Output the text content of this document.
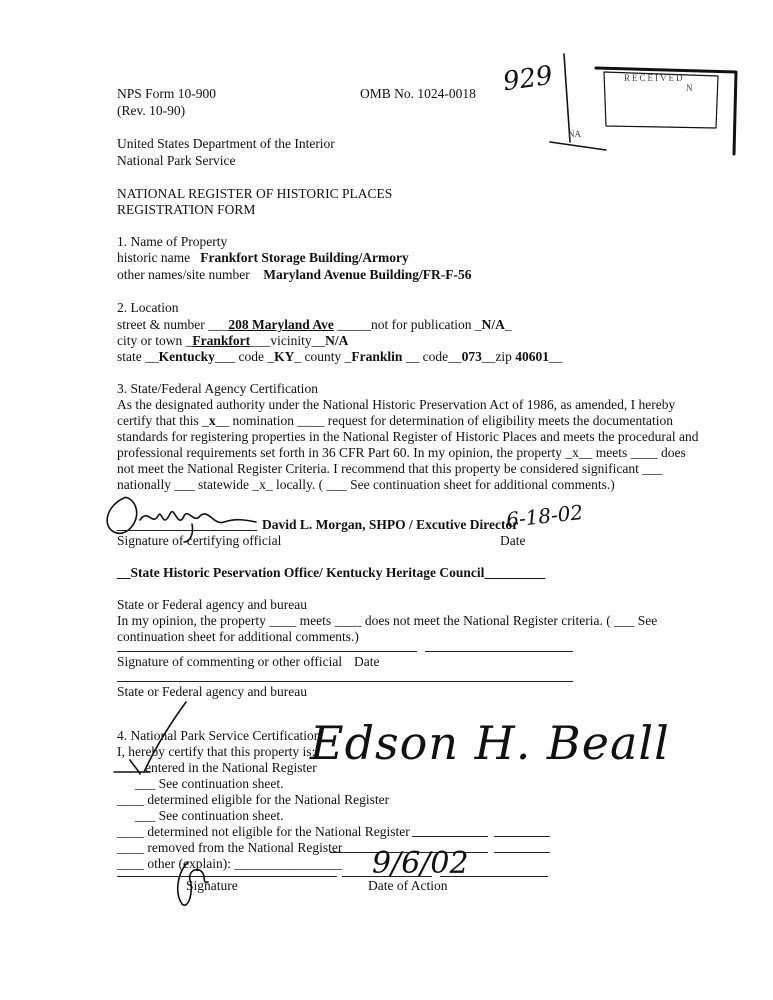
NPS Form 10-900
(Rev. 10-90)
OMB No. 1024-0018 929	RECEIVED
NA
N
United States Department of the Interior
National Park Service
NATIONAL REGISTER OF HISTORIC PLACES
REGISTRATION FORM
1. Name of Property
historic name Frankfort Storage Building/Armory
other names/site number Maryland Avenue Building/FR-F-56
2. Location
street & number ___208 Maryland Ave _____not for publication _N/A_
city or town _Frankfort___vicinity__N/A
state __Kentucky___ code _KY_ county _Franklin __ code__073__zip 40601__
3. State/Federal Agency Certification
As the designated authority under the National Historic Preservation Act of 1986, as amended, I hereby
certify that this _x__ nomination ____ request for determination of eligibility meets the documentation
standards for registering properties in the National Register of Historic Places and meets the procedural and
professional requirements set forth in 36 CFR Part 60. In my opinion, the property _x__ meets ____ does
not meet the National Register Criteria. I recommend that this property be considered significant ___
nationally ___ statewide _x_ locally. ( ___ See continuation sheet for additional comments.)
David L. Morgan, SHPO / Excutive Director
6-18-02
Signature of certifying official	Date
__State Historic Peservation Office/ Kentucky Heritage Council_________
State or Federal agency and bureau
In my opinion, the property ____ meets ____ does not meet the National Register criteria. ( ___ See
continuation sheet for additional comments.)
Signature of commenting or other official Date
State or Federal agency and bureau
4. National Park Service Certification
I, hereby certify that this property is:
entered in the National Register
___ See continuation sheet.
____ determined eligible for the National Register
___ See continuation sheet.
____ determined not eligible for the National Register
____ removed from the National Register
____ other (explain): ________________
Edson H. Beall
9/6/02
Signature	Date of Action
